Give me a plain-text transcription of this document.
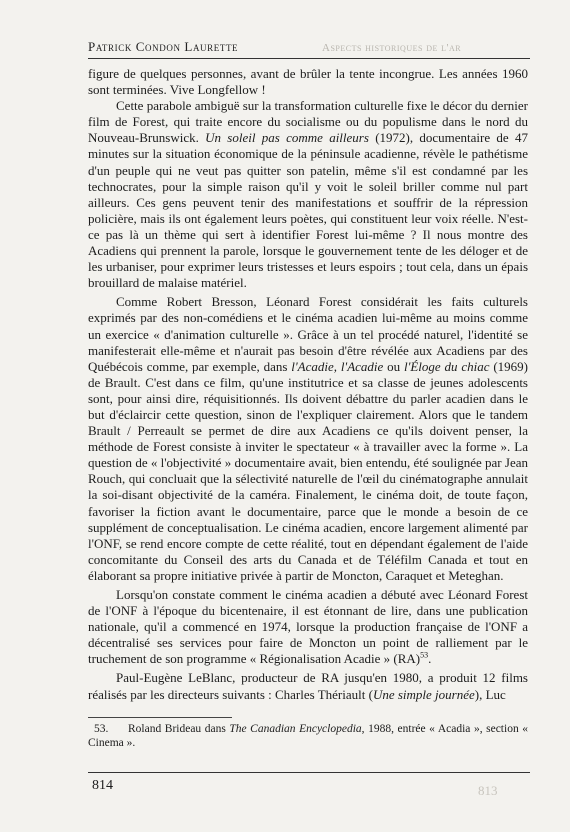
Patrick Condon Laurette	Aspects historiques de l'ar

figure de quelques personnes, avant de brûler la tente incongrue. Les années 1960 sont terminées. Vive Longfellow !

Cette parabole ambiguë sur la transformation culturelle fixe le décor du dernier film de Forest, qui traite encore du socialisme ou du populisme dans le nord du Nouveau-Brunswick. Un soleil pas comme ailleurs (1972), documentaire de 47 minutes sur la situation économique de la péninsule acadienne, révèle le pathétisme d'un peuple qui ne veut pas quitter son patelin, même s'il est condamné par les technocrates, pour la simple raison qu'il y voit le soleil briller comme nul part ailleurs. Ces gens peuvent tenir des manifestations et souffrir de la répression policière, mais ils ont également leurs poètes, qui constituent leur voix réelle. N'est-ce pas là un thème qui sert à identifier Forest lui-même ? Il nous montre des Acadiens qui prennent la parole, lorsque le gouvernement tente de les déloger et de les urbaniser, pour exprimer leurs tristesses et leurs espoirs ; tout cela, dans un épais brouillard de malaise matériel.

Comme Robert Bresson, Léonard Forest considérait les faits culturels exprimés par des non-comédiens et le cinéma acadien lui-même au moins comme un exercice « d'animation culturelle ». Grâce à un tel procédé naturel, l'identité se manifesterait elle-même et n'aurait pas besoin d'être révélée aux Acadiens par des Québécois comme, par exemple, dans l'Acadie, l'Acadie ou l'Éloge du chiac (1969) de Brault. C'est dans ce film, qu'une institutrice et sa classe de jeunes adolescents sont, pour ainsi dire, réquisitionnés. Ils doivent débattre du parler acadien dans le but d'éclaircir cette question, sinon de l'expliquer clairement. Alors que le tandem Brault / Perreault se permet de dire aux Acadiens ce qu'ils doivent penser, la méthode de Forest consiste à inviter le spectateur « à travailler avec la forme ». La question de « l'objectivité » documentaire avait, bien entendu, été soulignée par Jean Rouch, qui concluait que la sélectivité naturelle de l'œil du cinématographe annulait la soi-disant objectivité de la caméra. Finalement, le cinéma doit, de toute façon, favoriser la fiction avant le documentaire, parce que le monde a besoin de ce supplément de conceptualisation. Le cinéma acadien, encore largement alimenté par l'ONF, se rend encore compte de cette réalité, tout en dépendant également de l'aide concomitante du Conseil des arts du Canada et de Téléfilm Canada et tout en élaborant sa propre initiative privée à partir de Moncton, Caraquet et Meteghan.

Lorsqu'on constate comment le cinéma acadien a débuté avec Léonard Forest de l'ONF à l'époque du bicentenaire, il est étonnant de lire, dans une publication nationale, qu'il a commencé en 1974, lorsque la production française de l'ONF a décentralisé ses services pour faire de Moncton un point de ralliement par le truchement de son programme « Régionalisation Acadie » (RA)$^{53}$.

Paul-Eugène LeBlanc, producteur de RA jusqu'en 1980, a produit 12 films réalisés par les directeurs suivants : Charles Thériault (Une simple journée), Luc

53. Roland Brideau dans The Canadian Encyclopedia, 1988, entrée « Acadia », section « Cinema ».
814	813
